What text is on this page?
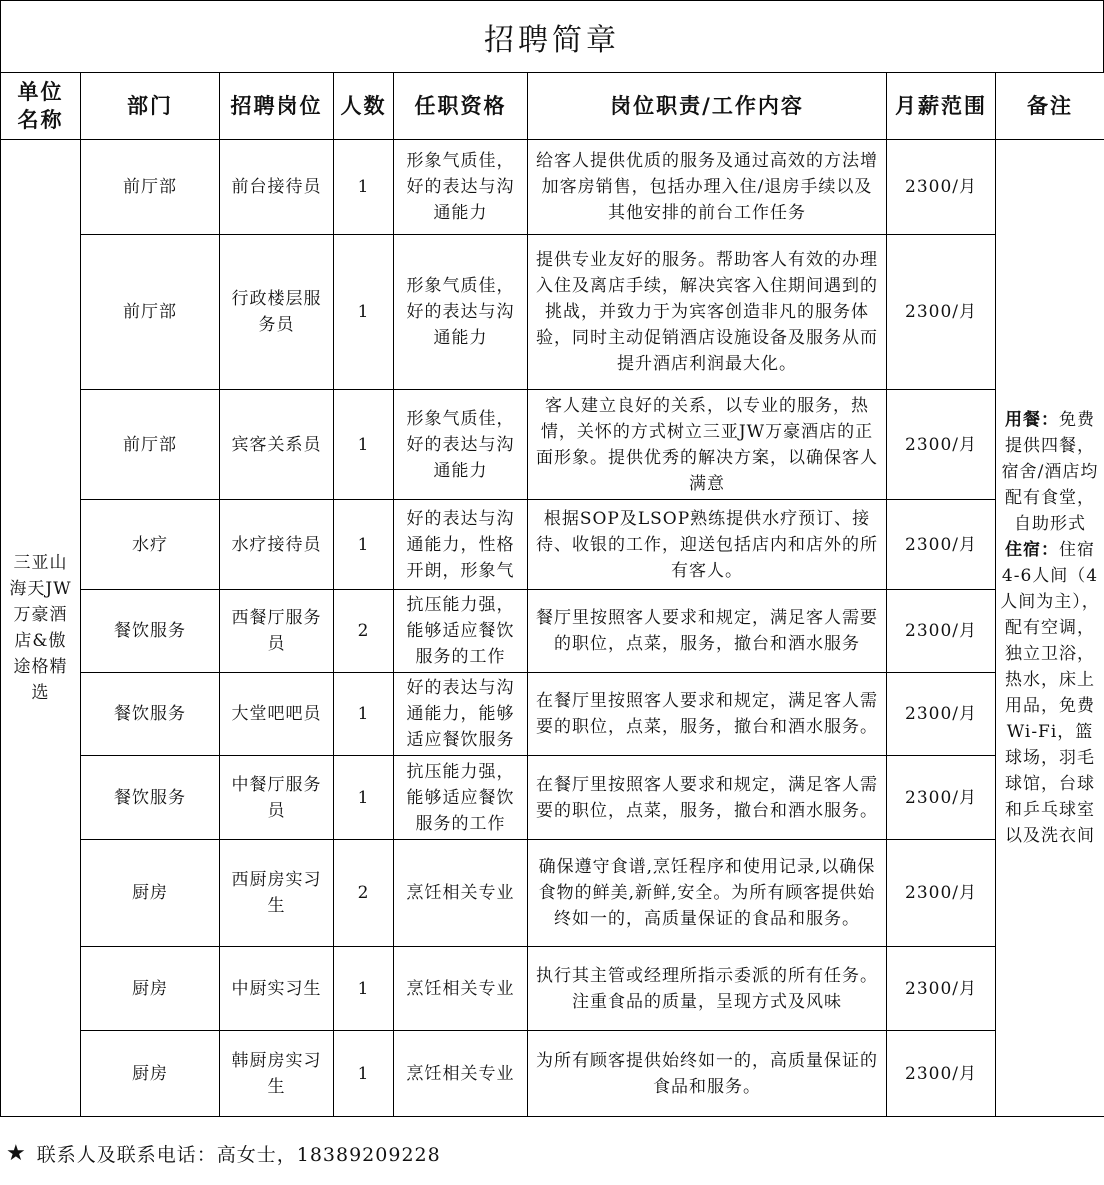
招聘简章
单位名称	部门	招聘岗位	人数	任职资格	岗位职责/工作内容	月薪范围	备注
三亚山海天JW万豪酒店&傲途格精选	前厅部	前台接待员	1	形象气质佳，好的表达与沟通能力	给客人提供优质的服务及通过高效的方法增加客房销售，包括办理入住/退房手续以及其他安排的前台工作任务	2300/月	用餐：免费提供四餐，宿舍/酒店均配有食堂，自助形式
住宿：住宿4-6人间（4人间为主），配有空调，独立卫浴，热水，床上用品，免费Wi-Fi，篮球场，羽毛球馆，台球和乒乓球室以及洗衣间
	前厅部	行政楼层服务员	1	形象气质佳，好的表达与沟通能力	提供专业友好的服务。帮助客人有效的办理入住及离店手续，解决宾客入住期间遇到的挑战，并致力于为宾客创造非凡的服务体验，同时主动促销酒店设施设备及服务从而提升酒店利润最大化。	2300/月	
	前厅部	宾客关系员	1	形象气质佳，好的表达与沟通能力	客人建立良好的关系，以专业的服务，热情，关怀的方式树立三亚JW万豪酒店的正面形象。提供优秀的解决方案，以确保客人满意	2300/月	
	水疗	水疗接待员	1	好的表达与沟通能力，性格开朗，形象气	根据SOP及LSOP熟练提供水疗预订、接待、收银的工作，迎送包括店内和店外的所有客人。	2300/月	
	餐饮服务	西餐厅服务员	2	抗压能力强，能够适应餐饮服务的工作	餐厅里按照客人要求和规定，满足客人需要的职位，点菜，服务，撤台和酒水服务	2300/月	
	餐饮服务	大堂吧吧员	1	好的表达与沟通能力，能够适应餐饮服务	在餐厅里按照客人要求和规定，满足客人需要的职位，点菜，服务，撤台和酒水服务。	2300/月	
	餐饮服务	中餐厅服务员	1	抗压能力强，能够适应餐饮服务的工作	在餐厅里按照客人要求和规定，满足客人需要的职位，点菜，服务，撤台和酒水服务。	2300/月	
	厨房	西厨房实习生	2	烹饪相关专业	确保遵守食谱,烹饪程序和使用记录,以确保食物的鲜美,新鲜,安全。为所有顾客提供始终如一的，高质量保证的食品和服务。	2300/月	
	厨房	中厨实习生	1	烹饪相关专业	执行其主管或经理所指示委派的所有任务。注重食品的质量，呈现方式及风味	2300/月	
	厨房	韩厨房实习生	1	烹饪相关专业	为所有顾客提供始终如一的，高质量保证的食品和服务。	2300/月	
★ 联系人及联系电话：高女士，18389209228
